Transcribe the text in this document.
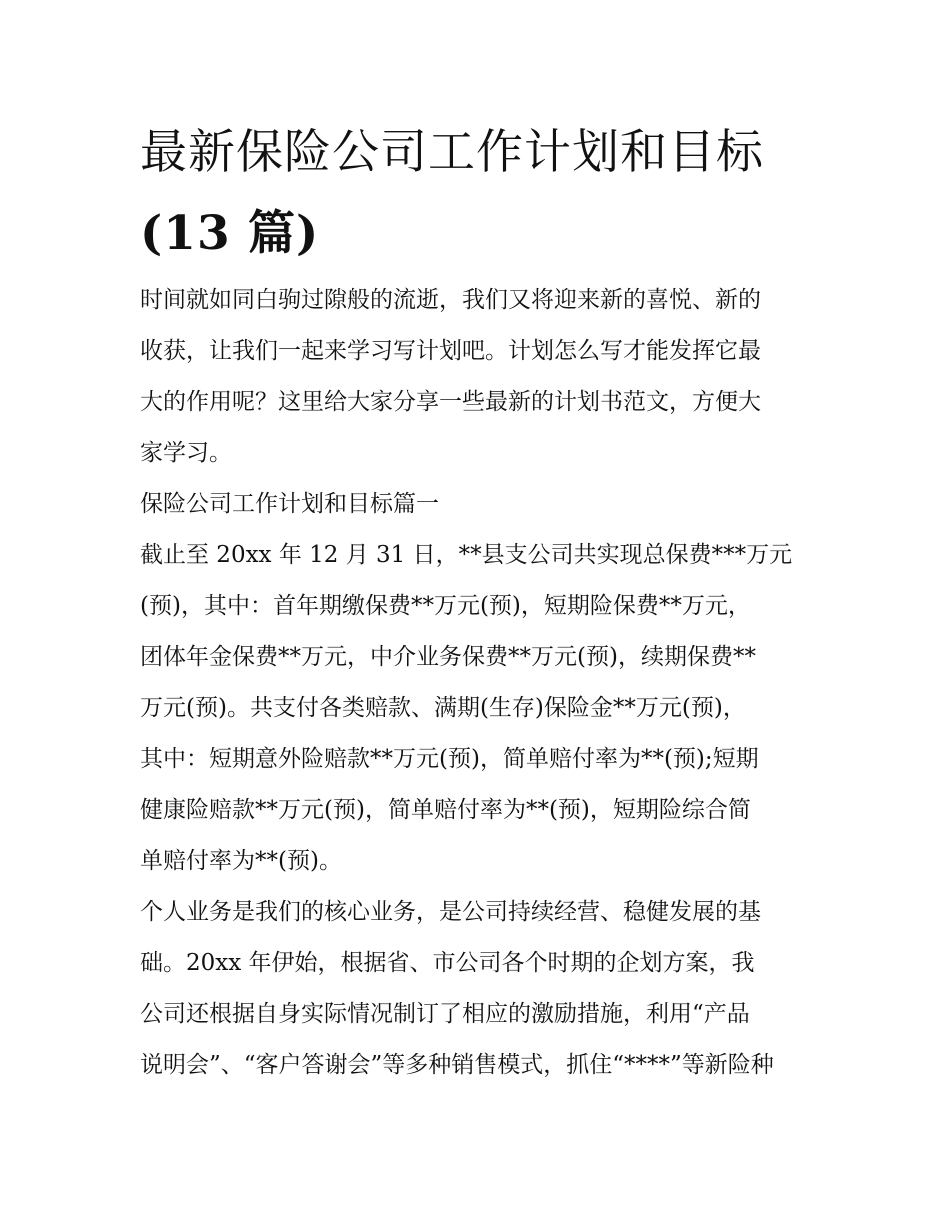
最新保险公司工作计划和目标
(13 篇)
时间就如同白驹过隙般的流逝，我们又将迎来新的喜悦、新的
收获，让我们一起来学习写计划吧。计划怎么写才能发挥它最
大的作用呢？这里给大家分享一些最新的计划书范文，方便大
家学习。
保险公司工作计划和目标篇一
截止至 20xx 年 12 月 31 日，**县支公司共实现总保费***万元
(预)，其中：首年期缴保费**万元(预)，短期险保费**万元，
团体年金保费**万元，中介业务保费**万元(预)，续期保费**
万元(预)。共支付各类赔款、满期(生存)保险金**万元(预)，
其中：短期意外险赔款**万元(预)，简单赔付率为**(预);短期
健康险赔款**万元(预)，简单赔付率为**(预)，短期险综合简
单赔付率为**(预)。
个人业务是我们的核心业务，是公司持续经营、稳健发展的基
础。20xx 年伊始，根据省、市公司各个时期的企划方案，我
公司还根据自身实际情况制订了相应的激励措施，利用“产品
说明会”、“客户答谢会”等多种销售模式，抓住“****”等新险种
